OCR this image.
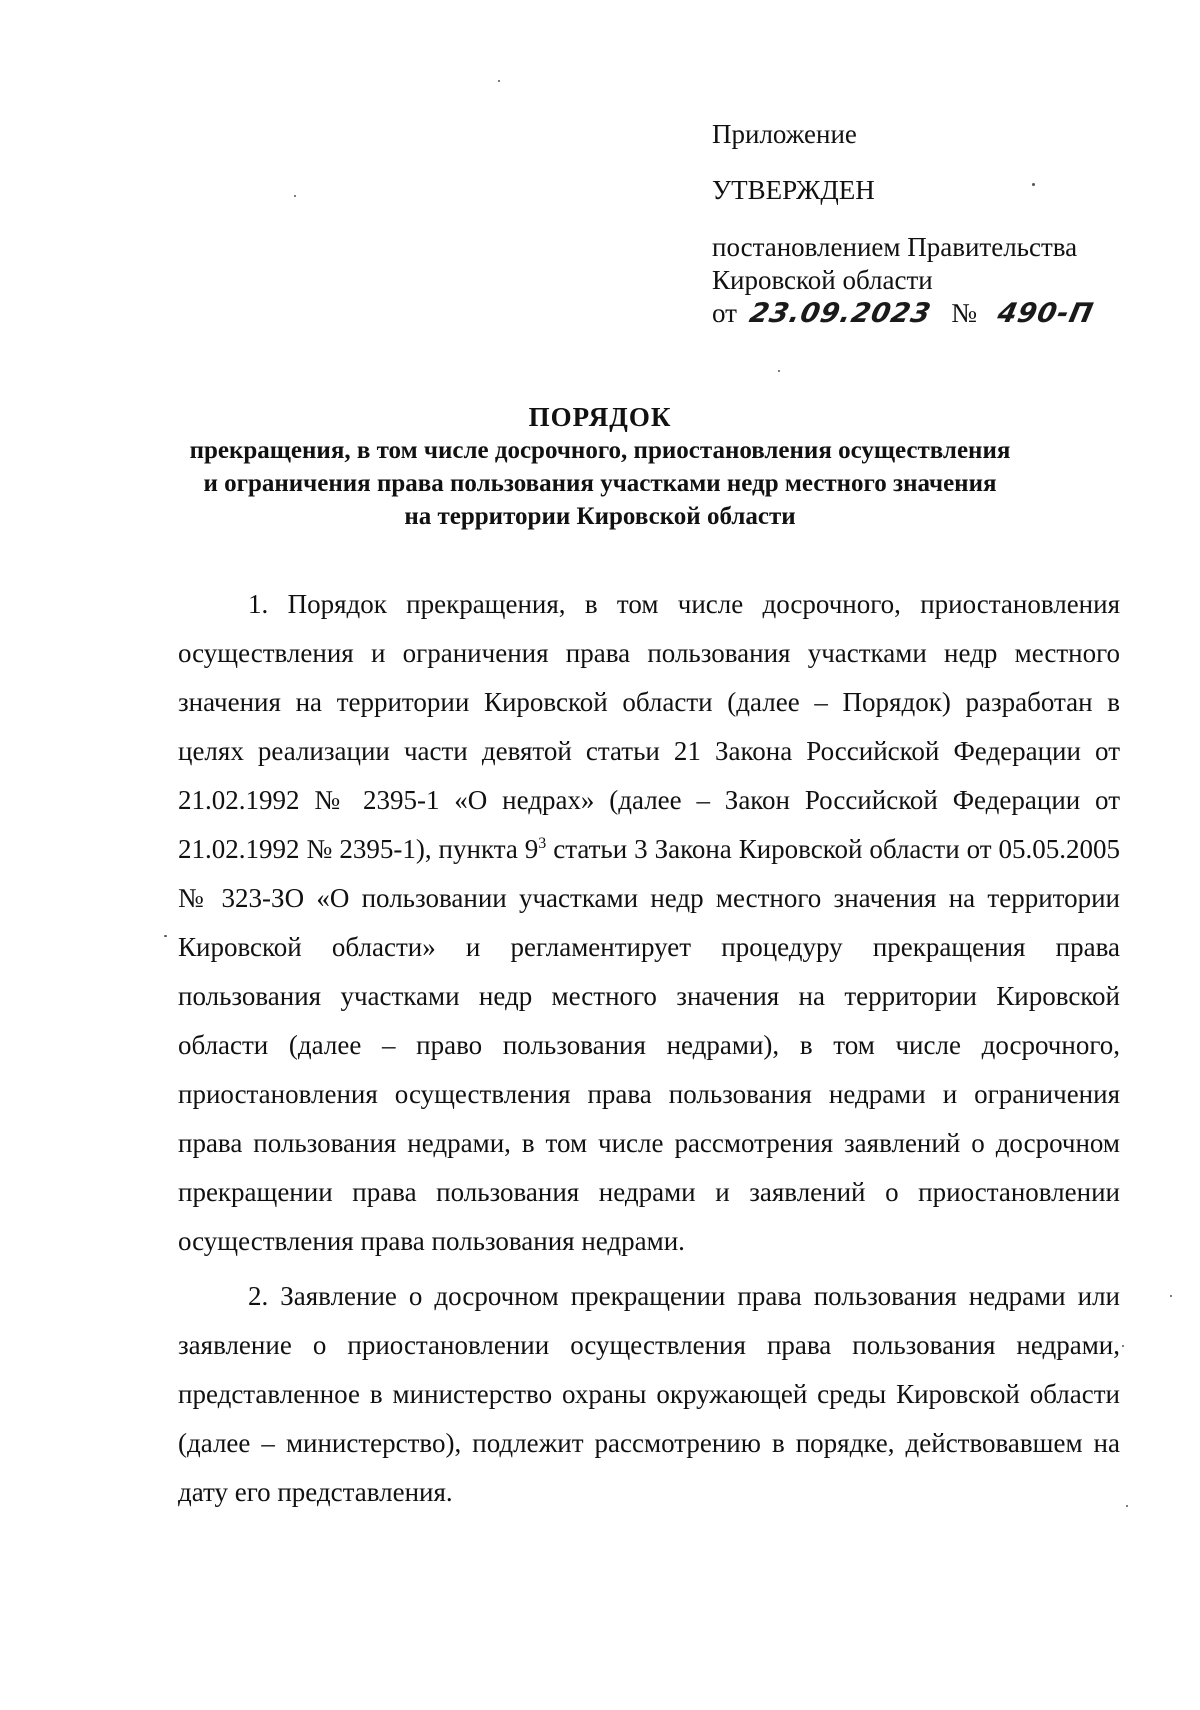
Приложение
УТВЕРЖДЕН
постановлением Правительства
Кировской области
от 23.09.2023 № 490-П
ПОРЯДОК
прекращения, в том числе досрочного, приостановления осуществления
и ограничения права пользования участками недр местного значения
на территории Кировской области

1. Порядок прекращения, в том числе досрочного, приостановления осуществления и ограничения права пользования участками недр местного значения на территории Кировской области (далее – Порядок) разработан в целях реализации части девятой статьи 21 Закона Российской Федерации от 21.02.1992 № 2395-1 «О недрах» (далее – Закон Российской Федерации от 21.02.1992 № 2395-1), пункта $9^3$ статьи 3 Закона Кировской области от 05.05.2005 № 323-ЗО «О пользовании участками недр местного значения на территории Кировской области» и регламентирует процедуру прекращения права пользования участками недр местного значения на территории Кировской области (далее – право пользования недрами), в том числе досрочного, приостановления осуществления права пользования недрами и ограничения права пользования недрами, в том числе рассмотрения заявлений о досрочном прекращении права пользования недрами и заявлений о приостановлении осуществления права пользования недрами.

2. Заявление о досрочном прекращении права пользования недрами или заявление о приостановлении осуществления права пользования недрами, представленное в министерство охраны окружающей среды Кировской области (далее – министерство), подлежит рассмотрению в порядке, действовавшем на дату его представления.
